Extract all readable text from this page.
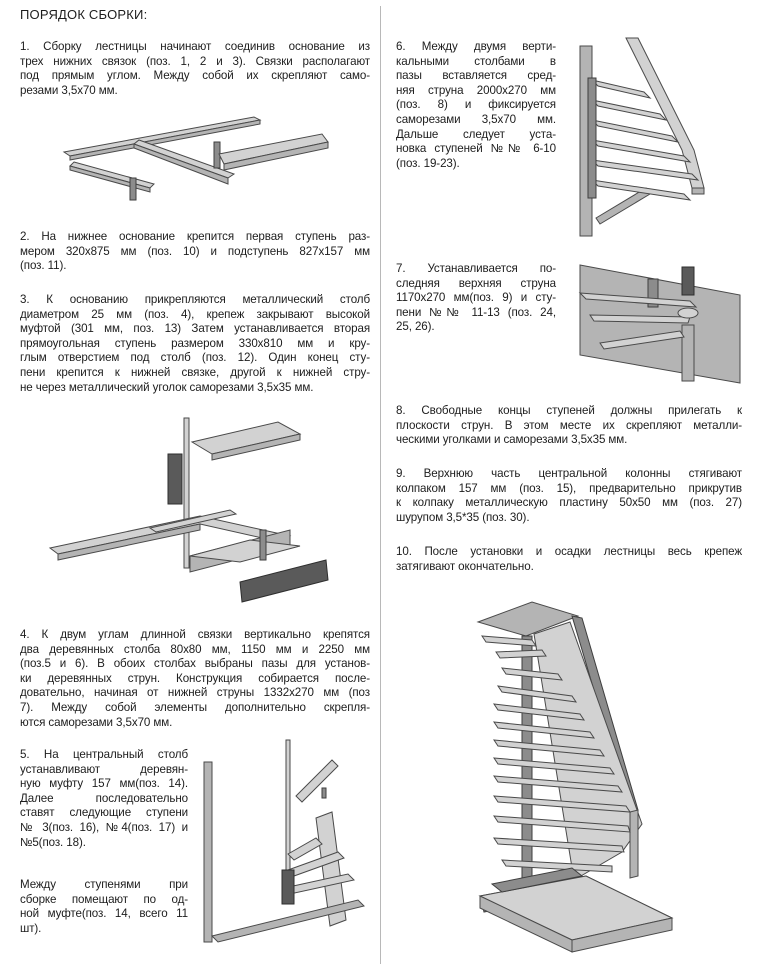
ПОРЯДОК СБОРКИ:

1. Сборку лестницы начинают соединив основание из

трех нижних связок (поз. 1, 2 и 3). Связки располагают

под прямым углом. Между собой их скрепляют само-

резами 3,5х70 мм.

2. На нижнее основание крепится первая ступень раз-

мером 320х875 мм (поз. 10) и подступень 827х157 мм

(поз. 11).

3. К основанию прикрепляются металлический столб

диаметром 25 мм (поз. 4), крепеж закрывают высокой

муфтой (301 мм, поз. 13) Затем устанавливается вторая

прямоугольная ступень размером 330х810 мм и кру-

глым отверстием под столб (поз. 12). Один конец сту-

пени крепится к нижней связке, другой к нижней стру-

не через металлический уголок саморезами 3,5х35 мм.

4. К двум углам длинной связки вертикально крепятся

два деревянных столба 80х80 мм, 1150 мм и 2250 мм

(поз.5 и 6). В обоих столбах выбраны пазы для установ-

ки деревянных струн. Конструкция собирается после-

довательно, начиная от нижней струны 1332х270 мм (поз

7). Между собой элементы дополнительно скрепля-

ются саморезами 3,5х70 мм.

5. На центральный столб

устанавливают деревян-

ную муфту 157 мм(поз. 14).

Далее последовательно

ставят следующие ступени

№ 3(поз. 16), №4(поз. 17) и

№5(поз. 18).

Между ступенями при

сборке помещают по од-

ной муфте(поз. 14, всего 11

шт).

6. Между двумя верти-

кальными столбами в

пазы вставляется сред-

няя струна 2000х270 мм

(поз. 8) и фиксируется

саморезами 3,5х70 мм.

Дальше следует уста-

новка ступеней №№ 6-10

(поз. 19-23).

7. Устанавливается по-

следняя верхняя струна

1170х270 мм(поз. 9) и сту-

пени №№ 11-13 (поз. 24,

25, 26).

8. Свободные концы ступеней должны прилегать к

плоскости струн. В этом месте их скрепляют металли-

ческими уголками и саморезами 3,5х35 мм.

9. Верхнюю часть центральной колонны стягивают

колпаком 157 мм (поз. 15), предварительно прикрутив

к колпаку металлическую пластину 50х50 мм (поз. 27)

шурупом 3,5*35 (поз. 30).

10. После установки и осадки лестницы весь крепеж

затягивают окончательно.
